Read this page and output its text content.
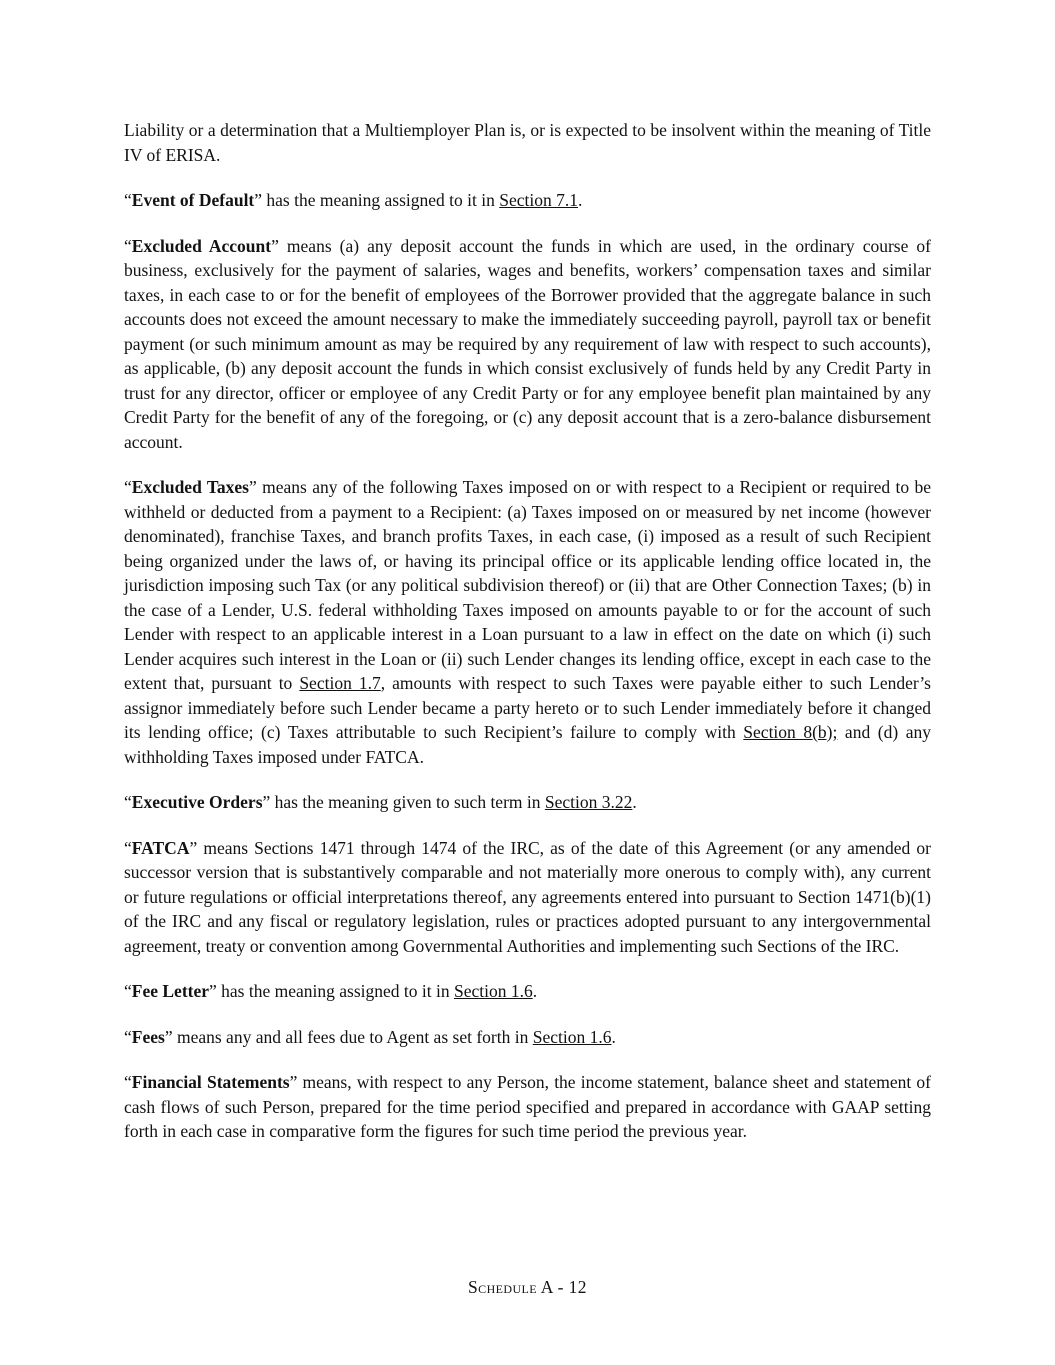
Liability or a determination that a Multiemployer Plan is, or is expected to be insolvent within the meaning of Title IV of ERISA.

“Event of Default” has the meaning assigned to it in Section 7.1.

“Excluded Account” means (a) any deposit account the funds in which are used, in the ordinary course of business, exclusively for the payment of salaries, wages and benefits, workers’ compensation taxes and similar taxes, in each case to or for the benefit of employees of the Borrower provided that the aggregate balance in such accounts does not exceed the amount necessary to make the immediately succeeding payroll, payroll tax or benefit payment (or such minimum amount as may be required by any requirement of law with respect to such accounts), as applicable, (b) any deposit account the funds in which consist exclusively of funds held by any Credit Party in trust for any director, officer or employee of any Credit Party or for any employee benefit plan maintained by any Credit Party for the benefit of any of the foregoing, or (c) any deposit account that is a zero-balance disbursement account.

“Excluded Taxes” means any of the following Taxes imposed on or with respect to a Recipient or required to be withheld or deducted from a payment to a Recipient: (a) Taxes imposed on or measured by net income (however denominated), franchise Taxes, and branch profits Taxes, in each case, (i) imposed as a result of such Recipient being organized under the laws of, or having its principal office or its applicable lending office located in, the jurisdiction imposing such Tax (or any political subdivision thereof) or (ii) that are Other Connection Taxes; (b) in the case of a Lender, U.S. federal withholding Taxes imposed on amounts payable to or for the account of such Lender with respect to an applicable interest in a Loan pursuant to a law in effect on the date on which (i) such Lender acquires such interest in the Loan or (ii) such Lender changes its lending office, except in each case to the extent that, pursuant to Section 1.7, amounts with respect to such Taxes were payable either to such Lender’s assignor immediately before such Lender became a party hereto or to such Lender immediately before it changed its lending office; (c) Taxes attributable to such Recipient’s failure to comply with Section 8(b); and (d) any withholding Taxes imposed under FATCA.

“Executive Orders” has the meaning given to such term in Section 3.22.

“FATCA” means Sections 1471 through 1474 of the IRC, as of the date of this Agreement (or any amended or successor version that is substantively comparable and not materially more onerous to comply with), any current or future regulations or official interpretations thereof, any agreements entered into pursuant to Section 1471(b)(1) of the IRC and any fiscal or regulatory legislation, rules or practices adopted pursuant to any intergovernmental agreement, treaty or convention among Governmental Authorities and implementing such Sections of the IRC.

“Fee Letter” has the meaning assigned to it in Section 1.6.

“Fees” means any and all fees due to Agent as set forth in Section 1.6.

“Financial Statements” means, with respect to any Person, the income statement, balance sheet and statement of cash flows of such Person, prepared for the time period specified and prepared in accordance with GAAP setting forth in each case in comparative form the figures for such time period the previous year.

Schedule A - 12
